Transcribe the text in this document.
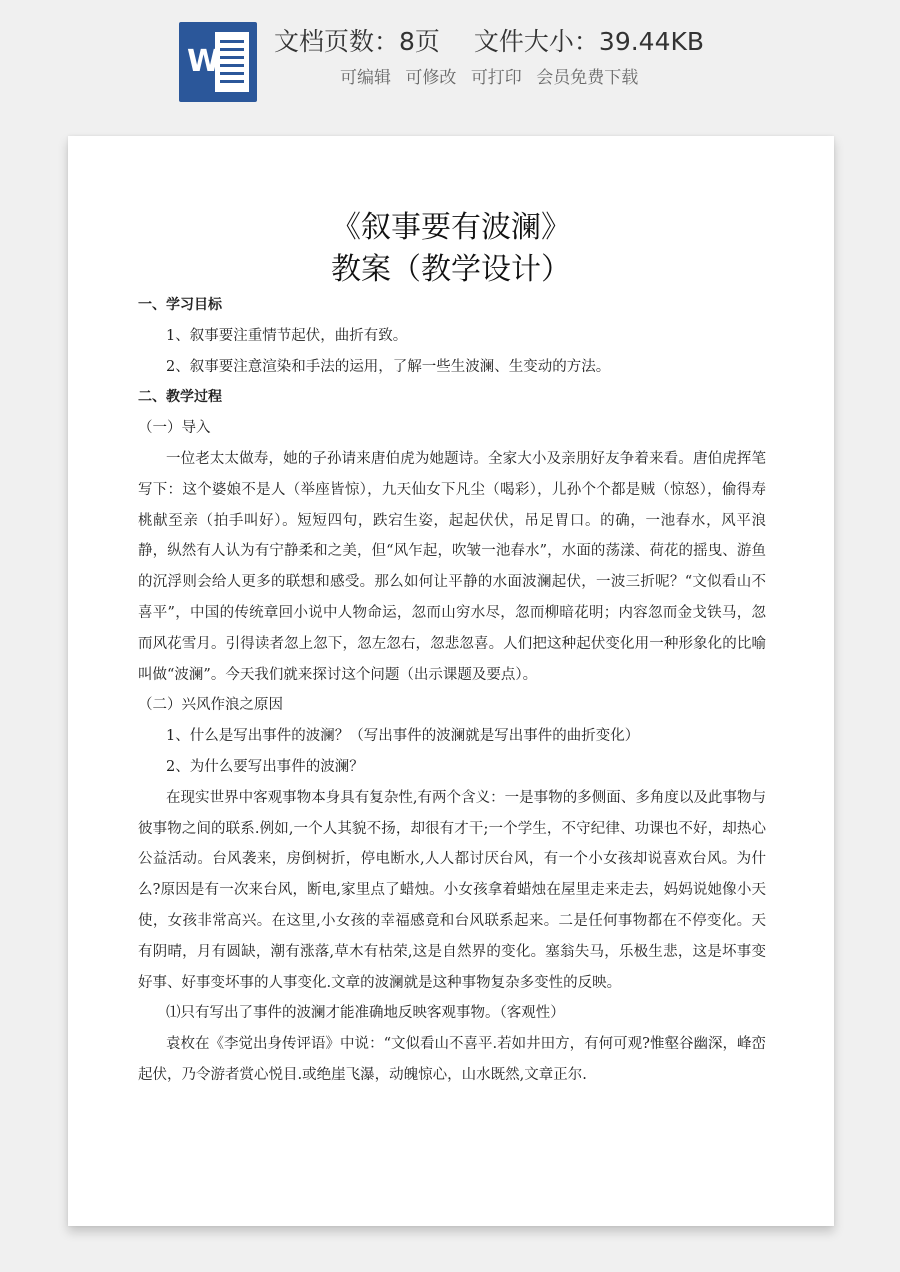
W
文档页数：8页 文件大小：39.44KB
可编辑 可修改 可打印 会员免费下载
《叙事要有波澜》
教案（教学设计）

一、学习目标

1、叙事要注重情节起伏，曲折有致。

2、叙事要注意渲染和手法的运用，了解一些生波澜、生变动的方法。

二、教学过程

（一）导入

一位老太太做寿，她的子孙请来唐伯虎为她题诗。全家大小及亲朋好友争着来看。唐伯虎挥笔写下：这个婆娘不是人（举座皆惊），九天仙女下凡尘（喝彩），儿孙个个都是贼（惊怒），偷得寿桃献至亲（拍手叫好）。短短四句，跌宕生姿，起起伏伏，吊足胃口。的确，一池春水，风平浪静，纵然有人认为有宁静柔和之美，但“风乍起，吹皱一池春水”，水面的荡漾、荷花的摇曳、游鱼的沉浮则会给人更多的联想和感受。那么如何让平静的水面波澜起伏，一波三折呢？“文似看山不喜平”，中国的传统章回小说中人物命运，忽而山穷水尽，忽而柳暗花明；内容忽而金戈铁马，忽而风花雪月。引得读者忽上忽下，忽左忽右，忽悲忽喜。人们把这种起伏变化用一种形象化的比喻叫做“波澜”。今天我们就来探讨这个问题（出示课题及要点）。

（二）兴风作浪之原因

1、什么是写出事件的波澜？（写出事件的波澜就是写出事件的曲折变化）

2、为什么要写出事件的波澜？

在现实世界中客观事物本身具有复杂性,有两个含义：一是事物的多侧面、多角度以及此事物与彼事物之间的联系.例如,一个人其貌不扬，却很有才干;一个学生，不守纪律、功课也不好，却热心公益活动。台风袭来，房倒树折，停电断水,人人都讨厌台风，有一个小女孩却说喜欢台风。为什么?原因是有一次来台风，断电,家里点了蜡烛。小女孩拿着蜡烛在屋里走来走去，妈妈说她像小天使，女孩非常高兴。在这里,小女孩的幸福感竟和台风联系起来。二是任何事物都在不停变化。天有阴晴，月有圆缺，潮有涨落,草木有枯荣,这是自然界的变化。塞翁失马，乐极生悲，这是坏事变好事、好事变坏事的人事变化.文章的波澜就是这种事物复杂多变性的反映。

⑴只有写出了事件的波澜才能准确地反映客观事物。（客观性）

袁枚在《李觉出身传评语》中说：“文似看山不喜平.若如井田方，有何可观?惟壑谷幽深，峰峦起伏，乃令游者赏心悦目.或绝崖飞瀑，动魄惊心，山水既然,文章正尔.
